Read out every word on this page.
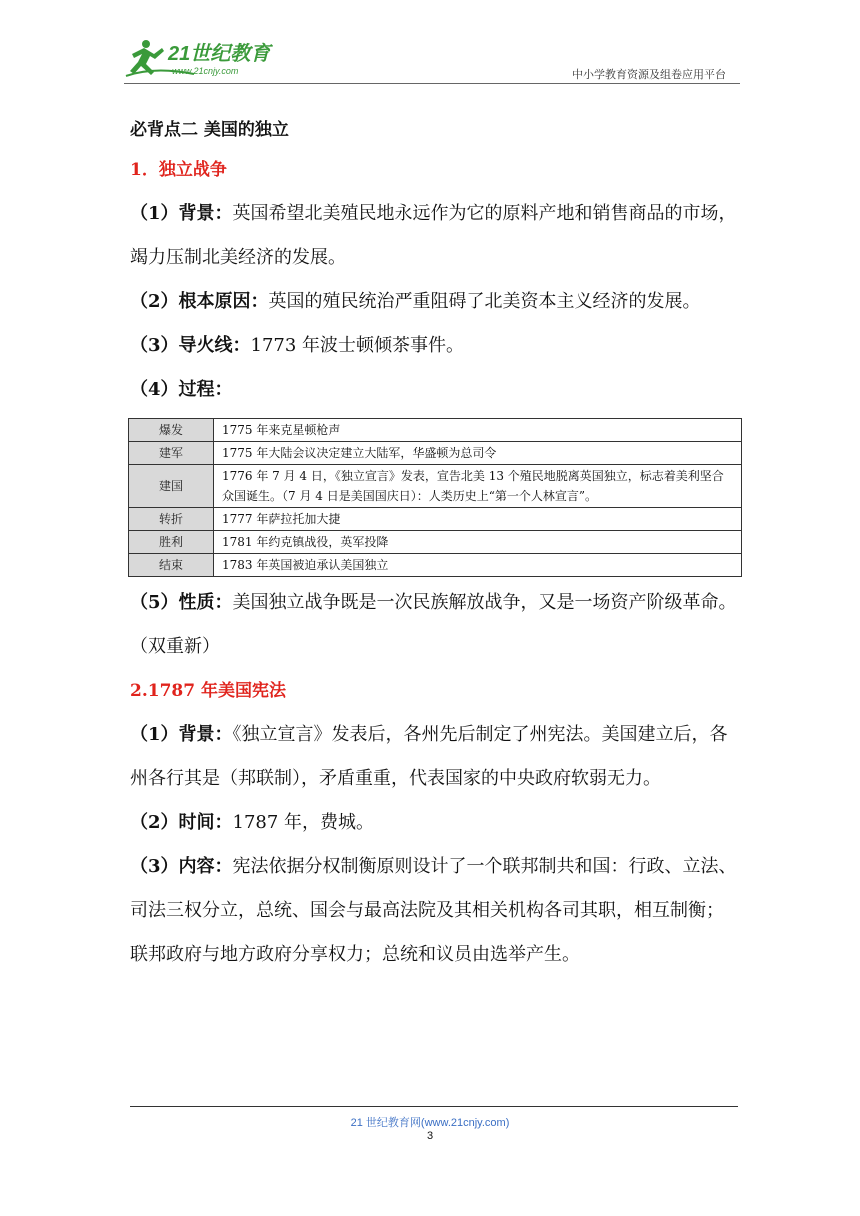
21世纪教育
www.21cnjy.com	中小学教育资源及组卷应用平台

必背点二 美国的独立

1．独立战争

（1）背景：英国希望北美殖民地永远作为它的原料产地和销售商品的市场，竭力压制北美经济的发展。

（2）根本原因：英国的殖民统治严重阻碍了北美资本主义经济的发展。

（3）导火线：1773 年波士顿倾茶事件。

（4）过程：

爆发	1775 年来克星顿枪声
建军	1775 年大陆会议决定建立大陆军，华盛顿为总司令
建国	1776 年 7 月 4 日，《独立宣言》发表，宣告北美 13 个殖民地脱离英国独立，标志着美利坚合众国诞生。（7 月 4 日是美国国庆日）：人类历史上“第一个人林宣言”。
转折	1777 年萨拉托加大捷
胜利	1781 年约克镇战役，英军投降
结束	1783 年英国被迫承认美国独立

（5）性质：美国独立战争既是一次民族解放战争，又是一场资产阶级革命。（双重新）

2.1787 年美国宪法

（1）背景：《独立宣言》发表后，各州先后制定了州宪法。美国建立后，各州各行其是（邦联制），矛盾重重，代表国家的中央政府软弱无力。

（2）时间：1787 年，费城。

（3）内容：宪法依据分权制衡原则设计了一个联邦制共和国：行政、立法、司法三权分立，总统、国会与最高法院及其相关机构各司其职，相互制衡；联邦政府与地方政府分享权力；总统和议员由选举产生。

21 世纪教育网(www.21cnjy.com)
3
